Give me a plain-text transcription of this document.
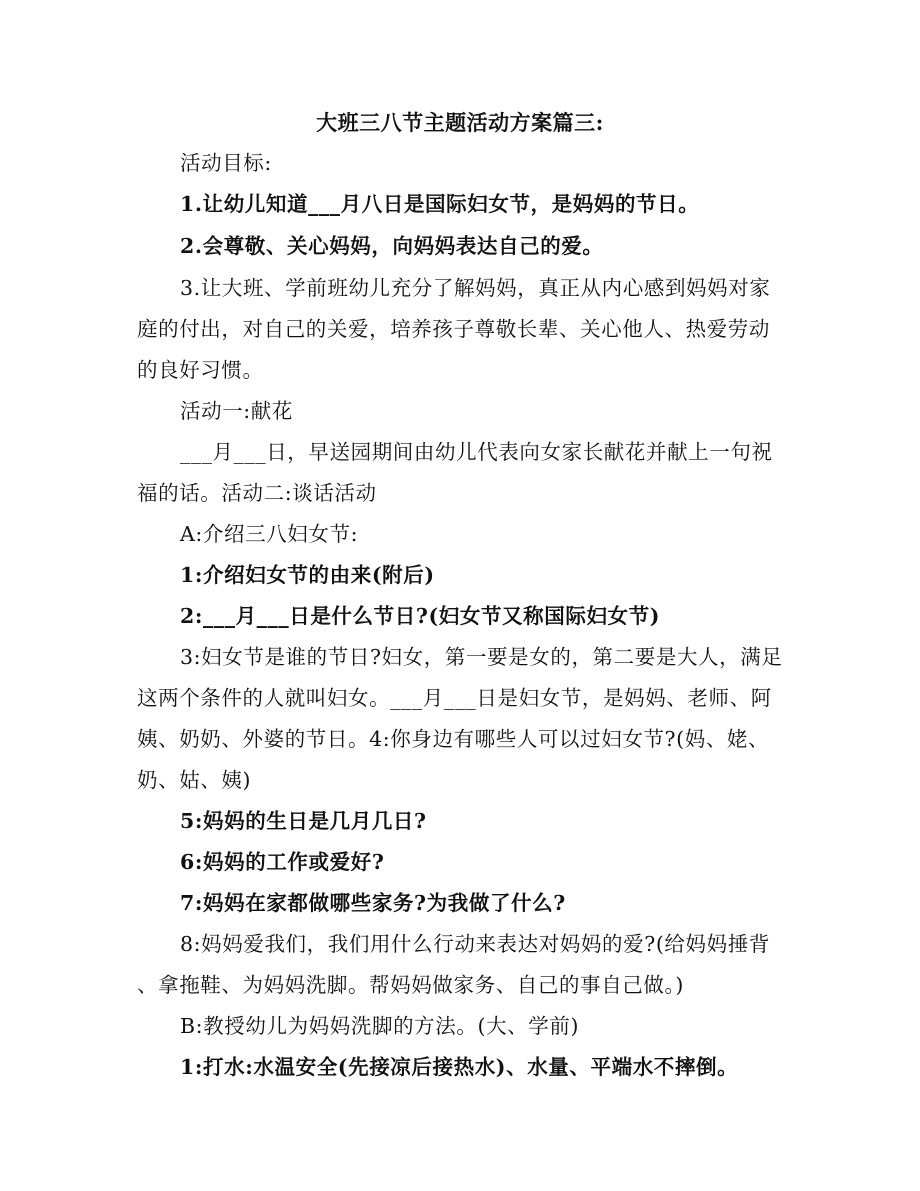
大班三八节主题活动方案篇三:
活动目标:
1.让幼儿知道___月八日是国际妇女节，是妈妈的节日。
2.会尊敬、关心妈妈，向妈妈表达自己的爱。
3.让大班、学前班幼儿充分了解妈妈，真正从内心感到妈妈对家
庭的付出，对自己的关爱，培养孩子尊敬长辈、关心他人、热爱劳动
的良好习惯。
活动一:献花
___月___日，早送园期间由幼儿代表向女家长献花并献上一句祝
福的话。活动二:谈话活动
A:介绍三八妇女节:
1:介绍妇女节的由来(附后)
2:___月___日是什么节日?(妇女节又称国际妇女节)
3:妇女节是谁的节日?妇女，第一要是女的，第二要是大人，满足
这两个条件的人就叫妇女。___月___日是妇女节，是妈妈、老师、阿
姨、奶奶、外婆的节日。4:你身边有哪些人可以过妇女节?(妈、姥、
奶、姑、姨)
5:妈妈的生日是几月几日?
6:妈妈的工作或爱好?
7:妈妈在家都做哪些家务?为我做了什么?
8:妈妈爱我们，我们用什么行动来表达对妈妈的爱?(给妈妈捶背
、拿拖鞋、为妈妈洗脚。帮妈妈做家务、自己的事自己做。)
B:教授幼儿为妈妈洗脚的方法。(大、学前)
1:打水:水温安全(先接凉后接热水)、水量、平端水不摔倒。
